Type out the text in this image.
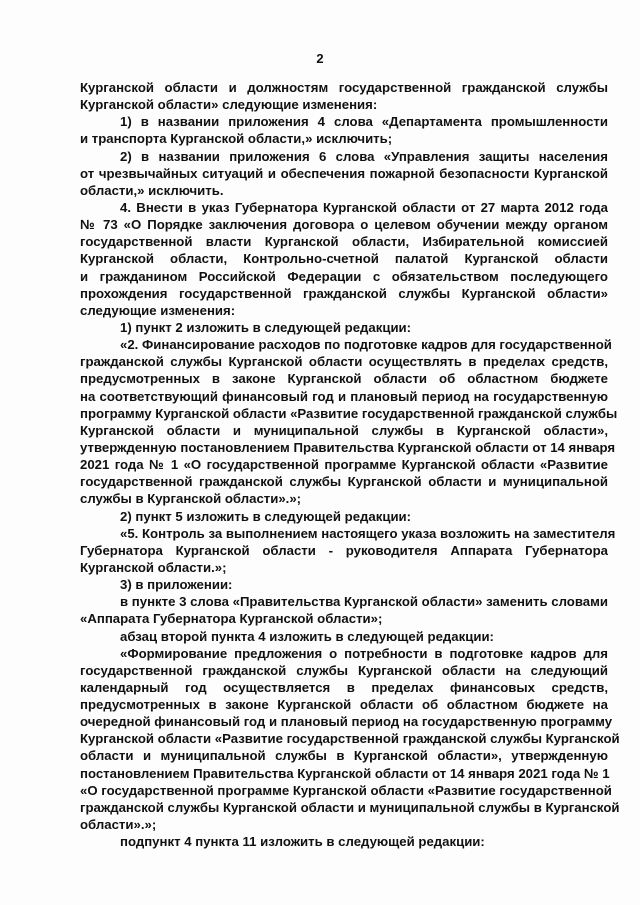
2
Курганской области и должностям государственной гражданской службы
Курганской области» следующие изменения:
1) в названии приложения 4 слова «Департамента промышленности
и транспорта Курганской области,» исключить;
2) в названии приложения 6 слова «Управления защиты населения
от чрезвычайных ситуаций и обеспечения пожарной безопасности Курганской
области,» исключить.
4. Внести в указ Губернатора Курганской области от 27 марта 2012 года
№ 73 «О Порядке заключения договора о целевом обучении между органом
государственной власти Курганской области, Избирательной комиссией
Курганской области, Контрольно-счетной палатой Курганской области
и гражданином Российской Федерации с обязательством последующего
прохождения государственной гражданской службы Курганской области»
следующие изменения:
1) пункт 2 изложить в следующей редакции:
«2. Финансирование расходов по подготовке кадров для государственной
гражданской службы Курганской области осуществлять в пределах средств,
предусмотренных в законе Курганской области об областном бюджете
на соответствующий финансовый год и плановый период на государственную
программу Курганской области «Развитие государственной гражданской службы
Курганской области и муниципальной службы в Курганской области»,
утвержденную постановлением Правительства Курганской области от 14 января
2021 года № 1 «О государственной программе Курганской области «Развитие
государственной гражданской службы Курганской области и муниципальной
службы в Курганской области».»;
2) пункт 5 изложить в следующей редакции:
«5. Контроль за выполнением настоящего указа возложить на заместителя
Губернатора Курганской области - руководителя Аппарата Губернатора
Курганской области.»;
3) в приложении:
в пункте 3 слова «Правительства Курганской области» заменить словами
«Аппарата Губернатора Курганской области»;
абзац второй пункта 4 изложить в следующей редакции:
«Формирование предложения о потребности в подготовке кадров для
государственной гражданской службы Курганской области на следующий
календарный год осуществляется в пределах финансовых средств,
предусмотренных в законе Курганской области об областном бюджете на
очередной финансовый год и плановый период на государственную программу
Курганской области «Развитие государственной гражданской службы Курганской
области и муниципальной службы в Курганской области», утвержденную
постановлением Правительства Курганской области от 14 января 2021 года № 1
«О государственной программе Курганской области «Развитие государственной
гражданской службы Курганской области и муниципальной службы в Курганской
области».»;
подпункт 4 пункта 11 изложить в следующей редакции:
